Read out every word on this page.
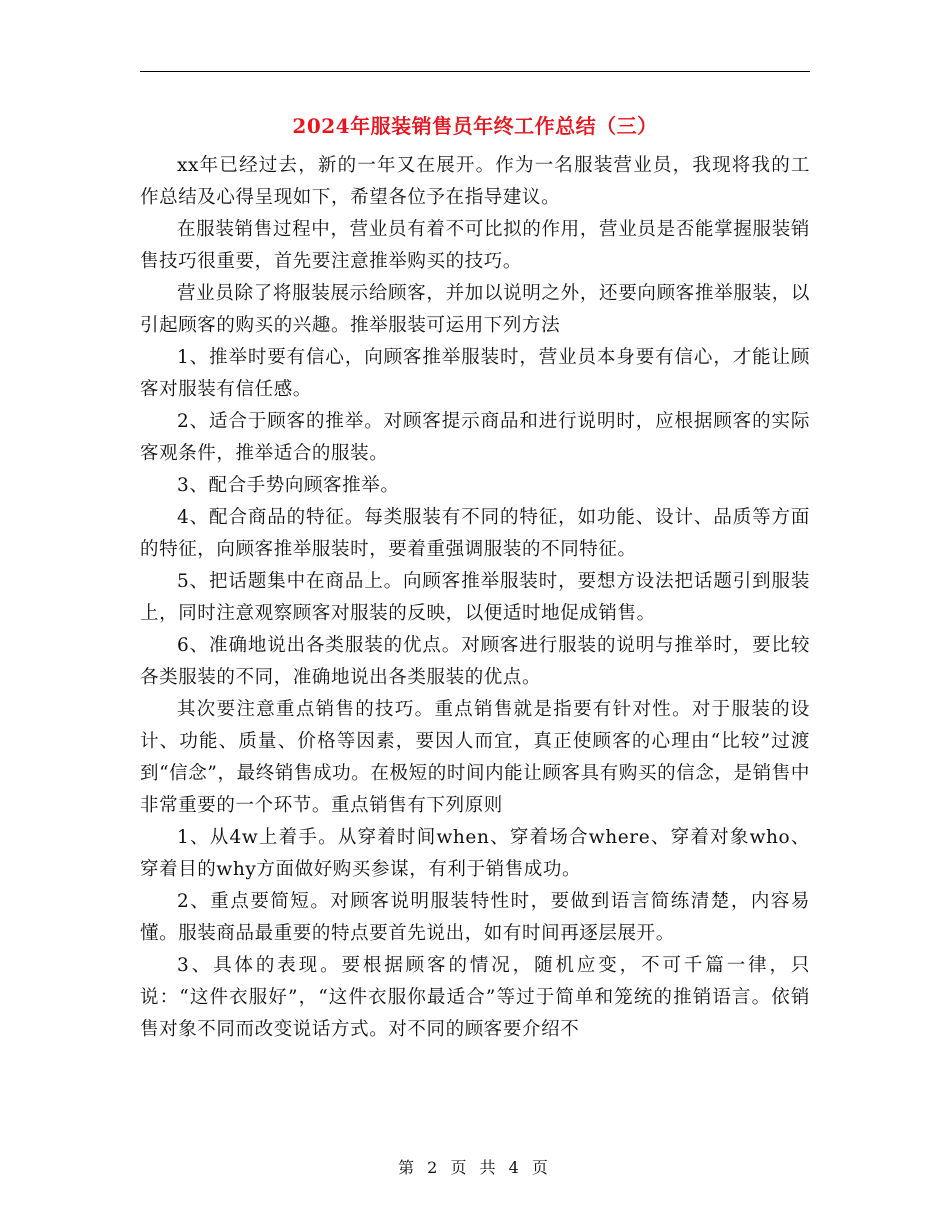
2024年服装销售员年终工作总结（三）

xx年已经过去，新的一年又在展开。作为一名服装营业员，我现将我的工作总结及心得呈现如下，希望各位予在指导建议。

在服装销售过程中，营业员有着不可比拟的作用，营业员是否能掌握服装销售技巧很重要，首先要注意推举购买的技巧。

营业员除了将服装展示给顾客，并加以说明之外，还要向顾客推举服装，以引起顾客的购买的兴趣。推举服装可运用下列方法

1、推举时要有信心，向顾客推举服装时，营业员本身要有信心，才能让顾客对服装有信任感。

2、适合于顾客的推举。对顾客提示商品和进行说明时，应根据顾客的实际客观条件，推举适合的服装。

3、配合手势向顾客推举。

4、配合商品的特征。每类服装有不同的特征，如功能、设计、品质等方面的特征，向顾客推举服装时，要着重强调服装的不同特征。

5、把话题集中在商品上。向顾客推举服装时，要想方设法把话题引到服装上，同时注意观察顾客对服装的反映，以便适时地促成销售。

6、准确地说出各类服装的优点。对顾客进行服装的说明与推举时，要比较各类服装的不同，准确地说出各类服装的优点。

其次要注意重点销售的技巧。重点销售就是指要有针对性。对于服装的设计、功能、质量、价格等因素，要因人而宜，真正使顾客的心理由“比较”过渡到“信念”，最终销售成功。在极短的时间内能让顾客具有购买的信念，是销售中非常重要的一个环节。重点销售有下列原则

1、从4w上着手。从穿着时间when、穿着场合where、穿着对象who、穿着目的why方面做好购买参谋，有利于销售成功。

2、重点要简短。对顾客说明服装特性时，要做到语言简练清楚，内容易懂。服装商品最重要的特点要首先说出，如有时间再逐层展开。

3、具体的表现。要根据顾客的情况，随机应变，不可千篇一律，只说：“这件衣服好”，“这件衣服你最适合”等过于简单和笼统的推销语言。依销售对象不同而改变说话方式。对不同的顾客要介绍不

第 2 页 共 4 页
